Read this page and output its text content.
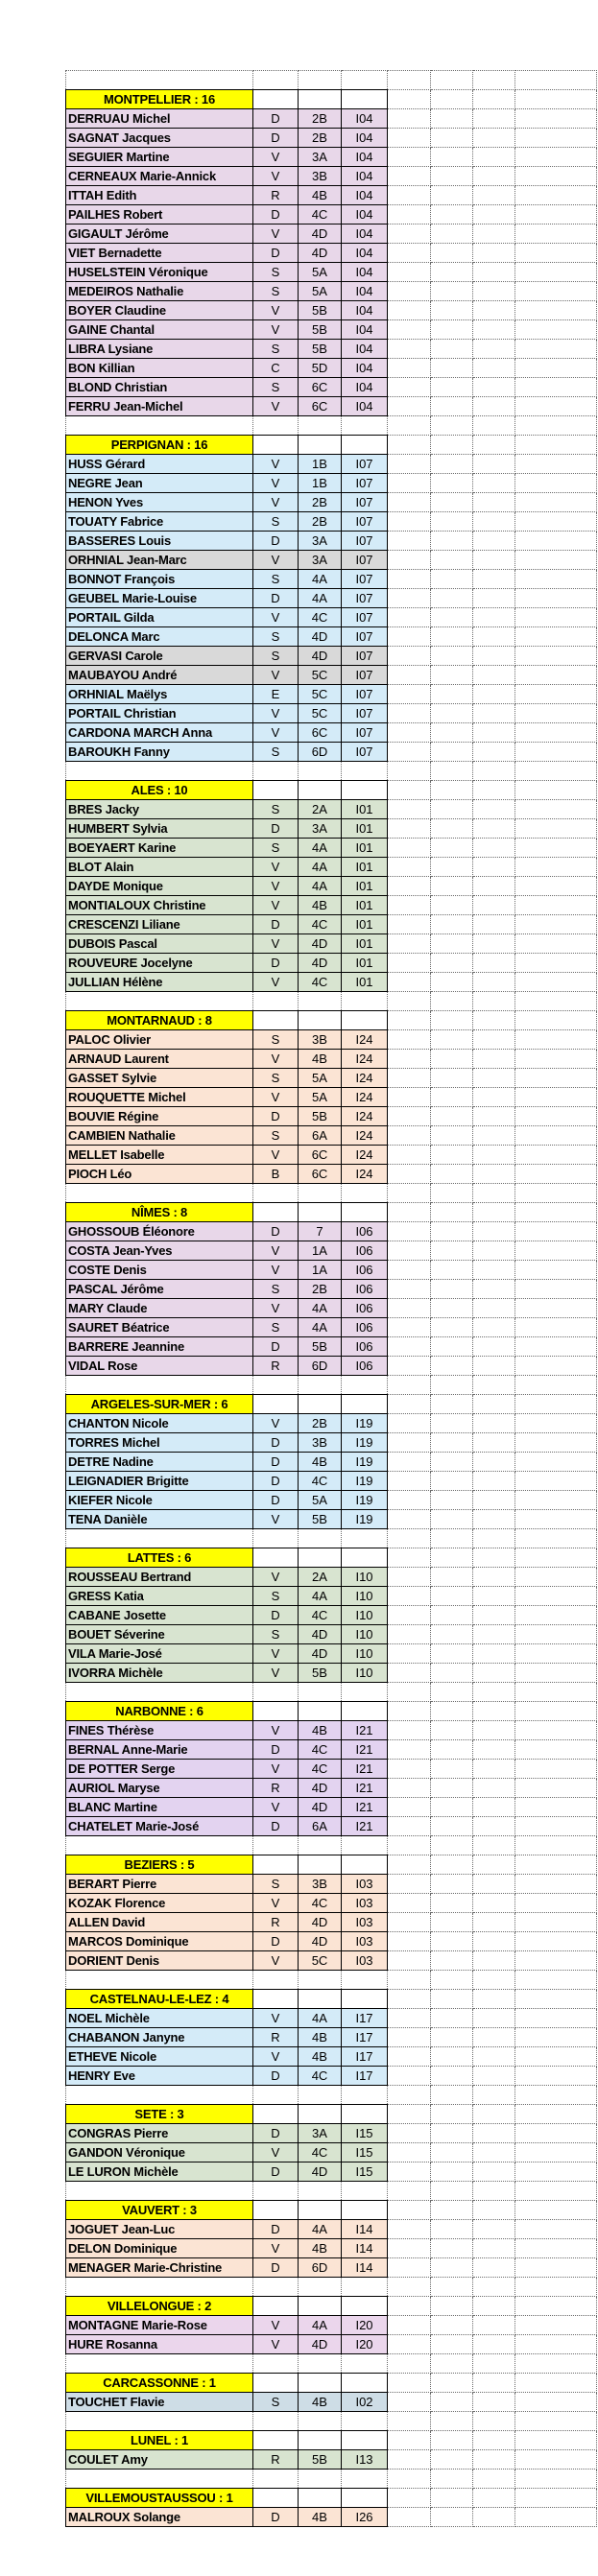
MONTPELLIER : 16							
DERRUAU Michel	D	2B	I04				
SAGNAT Jacques	D	2B	I04				
SEGUIER Martine	V	3A	I04				
CERNEAUX Marie-Annick	V	3B	I04				
ITTAH Edith	R	4B	I04				
PAILHES Robert	D	4C	I04				
GIGAULT Jérôme	V	4D	I04				
VIET Bernadette	D	4D	I04				
HUSELSTEIN Véronique	S	5A	I04				
MEDEIROS Nathalie	S	5A	I04				
BOYER Claudine	V	5B	I04				
GAINE Chantal	V	5B	I04				
LIBRA Lysiane	S	5B	I04				
BON Killian	C	5D	I04				
BLOND Christian	S	6C	I04				
FERRU Jean-Michel	V	6C	I04				

PERPIGNAN : 16							
HUSS Gérard	V	1B	I07				
NEGRE Jean	V	1B	I07				
HENON Yves	V	2B	I07				
TOUATY Fabrice	S	2B	I07				
BASSERES Louis	D	3A	I07				
ORHNIAL Jean-Marc	V	3A	I07				
BONNOT François	S	4A	I07				
GEUBEL Marie-Louise	D	4A	I07				
PORTAIL Gilda	V	4C	I07				
DELONCA Marc	S	4D	I07				
GERVASI Carole	S	4D	I07				
MAUBAYOU André	V	5C	I07				
ORHNIAL Maëlys	E	5C	I07				
PORTAIL Christian	V	5C	I07				
CARDONA MARCH Anna	V	6C	I07				
BAROUKH Fanny	S	6D	I07				

ALES : 10							
BRES Jacky	S	2A	I01				
HUMBERT Sylvia	D	3A	I01				
BOEYAERT Karine	S	4A	I01				
BLOT Alain	V	4A	I01				
DAYDE Monique	V	4A	I01				
MONTIALOUX Christine	V	4B	I01				
CRESCENZI Liliane	D	4C	I01				
DUBOIS Pascal	V	4D	I01				
ROUVEURE Jocelyne	D	4D	I01				
JULLIAN Hélène	V	4C	I01				

MONTARNAUD : 8							
PALOC Olivier	S	3B	I24				
ARNAUD Laurent	V	4B	I24				
GASSET Sylvie	S	5A	I24				
ROUQUETTE Michel	V	5A	I24				
BOUVIE Régine	D	5B	I24				
CAMBIEN Nathalie	S	6A	I24				
MELLET Isabelle	V	6C	I24				
PIOCH Léo	B	6C	I24				

NÎMES : 8							
GHOSSOUB Éléonore	D	7	I06				
COSTA Jean-Yves	V	1A	I06				
COSTE Denis	V	1A	I06				
PASCAL Jérôme	S	2B	I06				
MARY Claude	V	4A	I06				
SAURET Béatrice	S	4A	I06				
BARRERE Jeannine	D	5B	I06				
VIDAL Rose	R	6D	I06				

ARGELES-SUR-MER : 6							
CHANTON Nicole	V	2B	I19				
TORRES Michel	D	3B	I19				
DETRE Nadine	D	4B	I19				
LEIGNADIER Brigitte	D	4C	I19				
KIEFER Nicole	D	5A	I19				
TENA Danièle	V	5B	I19				

LATTES : 6							
ROUSSEAU Bertrand	V	2A	I10				
GRESS Katia	S	4A	I10				
CABANE Josette	D	4C	I10				
BOUET Séverine	S	4D	I10				
VILA Marie-José	V	4D	I10				
IVORRA Michèle	V	5B	I10				

NARBONNE : 6							
FINES Thérèse	V	4B	I21				
BERNAL Anne-Marie	D	4C	I21				
DE POTTER Serge	V	4C	I21				
AURIOL Maryse	R	4D	I21				
BLANC Martine	V	4D	I21				
CHATELET Marie-José	D	6A	I21				

BEZIERS : 5							
BERART Pierre	S	3B	I03				
KOZAK Florence	V	4C	I03				
ALLEN David	R	4D	I03				
MARCOS Dominique	D	4D	I03				
DORIENT Denis	V	5C	I03				

CASTELNAU-LE-LEZ : 4							
NOEL Michèle	V	4A	I17				
CHABANON Janyne	R	4B	I17				
ETHEVE Nicole	V	4B	I17				
HENRY Eve	D	4C	I17				

SETE : 3							
CONGRAS Pierre	D	3A	I15				
GANDON Véronique	V	4C	I15				
LE LURON Michèle	D	4D	I15				

VAUVERT : 3							
JOGUET Jean-Luc	D	4A	I14				
DELON Dominique	V	4B	I14				
MENAGER Marie-Christine	D	6D	I14				

VILLELONGUE : 2							
MONTAGNE Marie-Rose	V	4A	I20				
HURE Rosanna	V	4D	I20				

CARCASSONNE : 1							
TOUCHET Flavie	S	4B	I02				

LUNEL : 1							
COULET Amy	R	5B	I13				

VILLEMOUSTAUSSOU : 1							
MALROUX Solange	D	4B	I26				
